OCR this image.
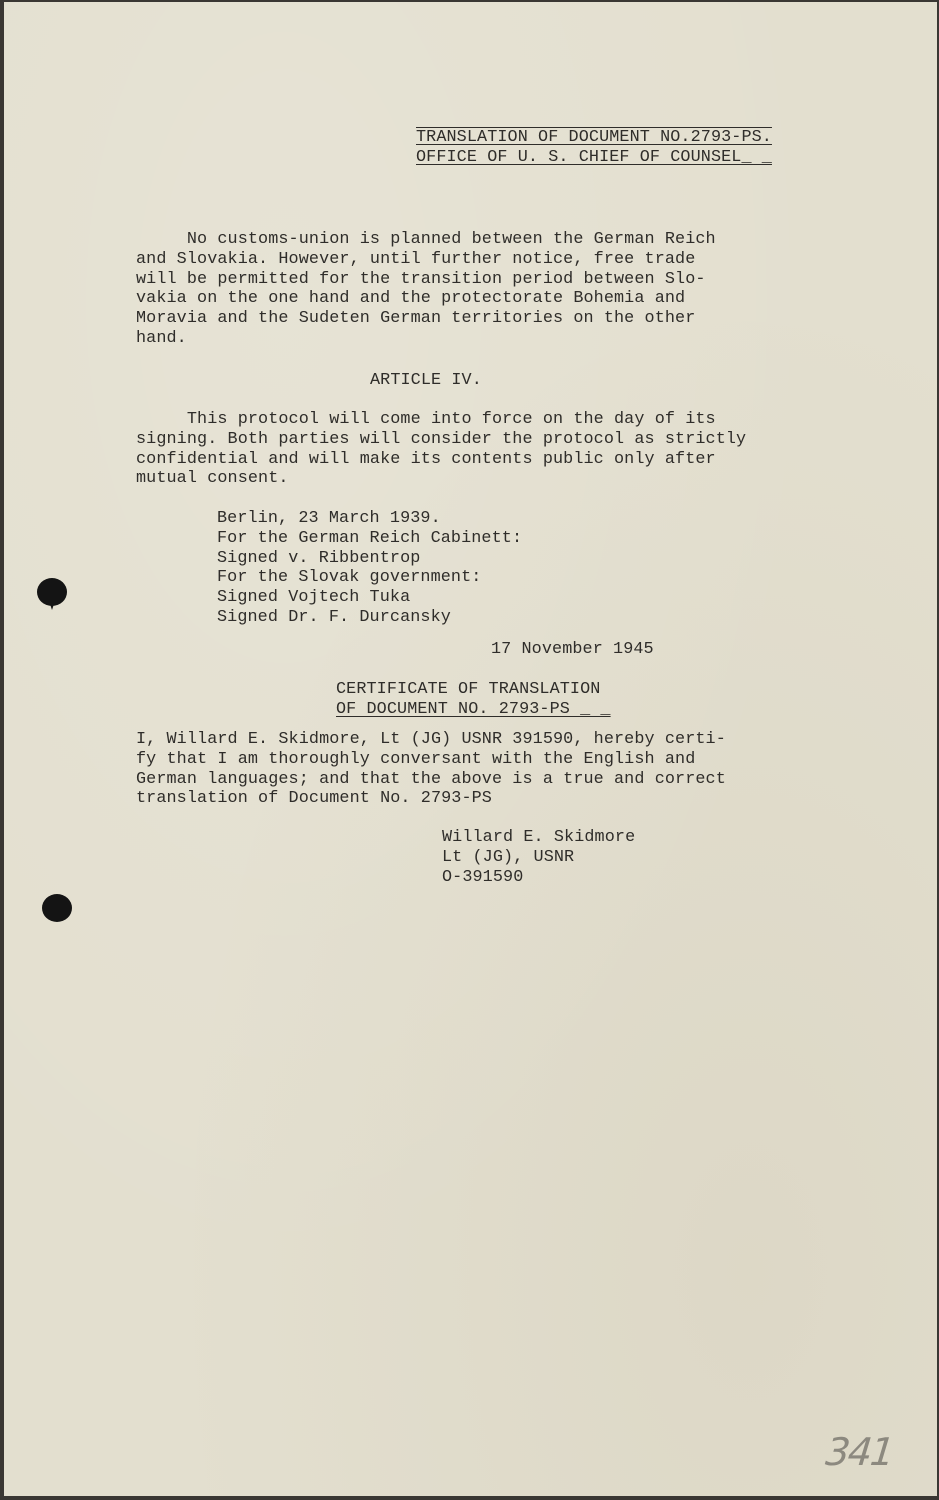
TRANSLATION OF DOCUMENT NO.2793-PS.

OFFICE OF U. S. CHIEF OF COUNSEL_ _

No customs-union is planned between the German Reich
and Slovakia. However, until further notice, free trade
will be permitted for the transition period between Slo-
vakia on the one hand and the protectorate Bohemia and
Moravia and the Sudeten German territories on the other
hand.

ARTICLE IV.

This protocol will come into force on the day of its
signing. Both parties will consider the protocol as strictly
confidential and will make its contents public only after
mutual consent.
Berlin, 23 March 1939.
For the German Reich Cabinett:
Signed v. Ribbentrop
For the Slovak government:
Signed Vojtech Tuka
Signed Dr. F. Durcansky

17 November 1945

CERTIFICATE OF TRANSLATION

OF DOCUMENT NO. 2793-PS _ _

I, Willard E. Skidmore, Lt (JG) USNR 391590, hereby certi-
fy that I am thoroughly conversant with the English and
German languages; and that the above is a true and correct
translation of Document No. 2793-PS
Willard E. Skidmore
Lt (JG), USNR
O-391590
341
